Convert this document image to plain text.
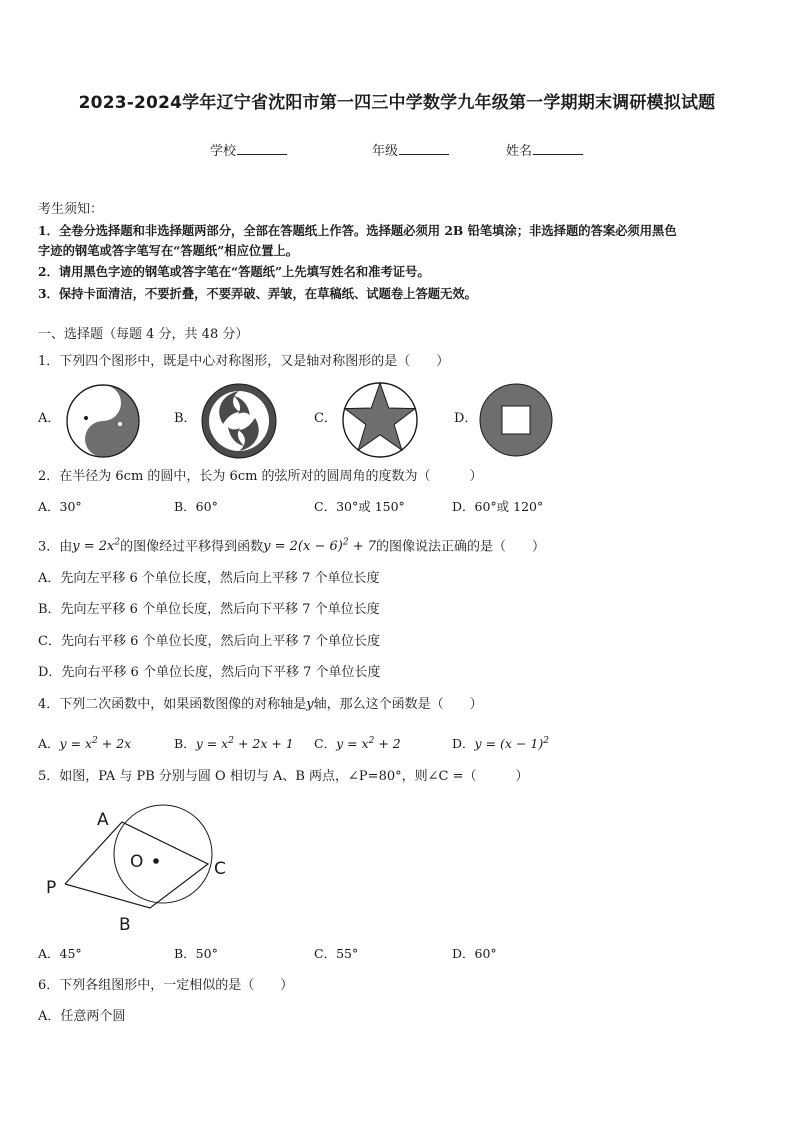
2023-2024学年辽宁省沈阳市第一四三中学数学九年级第一学期期末调研模拟试题
学校	年级	姓名
考生须知：
1．全卷分选择题和非选择题两部分，全部在答题纸上作答。选择题必须用 2B 铅笔填涂；非选择题的答案必须用黑色
字迹的钢笔或答字笔写在“答题纸”相应位置上。
2．请用黑色字迹的钢笔或答字笔在“答题纸”上先填写姓名和准考证号。
3．保持卡面清洁，不要折叠，不要弄破、弄皱，在草稿纸、试题卷上答题无效。
一、选择题（每题 4 分，共 48 分）
1．下列四个图形中，既是中心对称图形，又是轴对称图形的是（　　）
A．	B．	C．	D．
2．在半径为 6cm 的圆中，长为 6cm 的弦所对的圆周角的度数为（　　　）
A．30°	B．60°	C．30°或 150°	D．60°或 120°
3．由$y = 2x^2$的图像经过平移得到函数$y = 2(x - 6)^2 + 7$的图像说法正确的是（　　）
A．先向左平移 6 个单位长度，然后向上平移 7 个单位长度
B．先向左平移 6 个单位长度，然后向下平移 7 个单位长度
C．先向右平移 6 个单位长度，然后向上平移 7 个单位长度
D．先向右平移 6 个单位长度，然后向下平移 7 个单位长度
4．下列二次函数中，如果函数图像的对称轴是y轴，那么这个函数是（　　）
A．$y = x^2 + 2x$	B．$y = x^2 + 2x + 1$ C．$y = x^2 + 2$	D．$y = (x - 1)^2$
5．如图，PA 与 PB 分别与圆 O 相切与 A、B 两点，∠P=80°，则∠C =（　　　）
A
O	C
P
B
A．45°	B．50°	C．55°	D．60°
6．下列各组图形中，一定相似的是（　　）
A．任意两个圆
